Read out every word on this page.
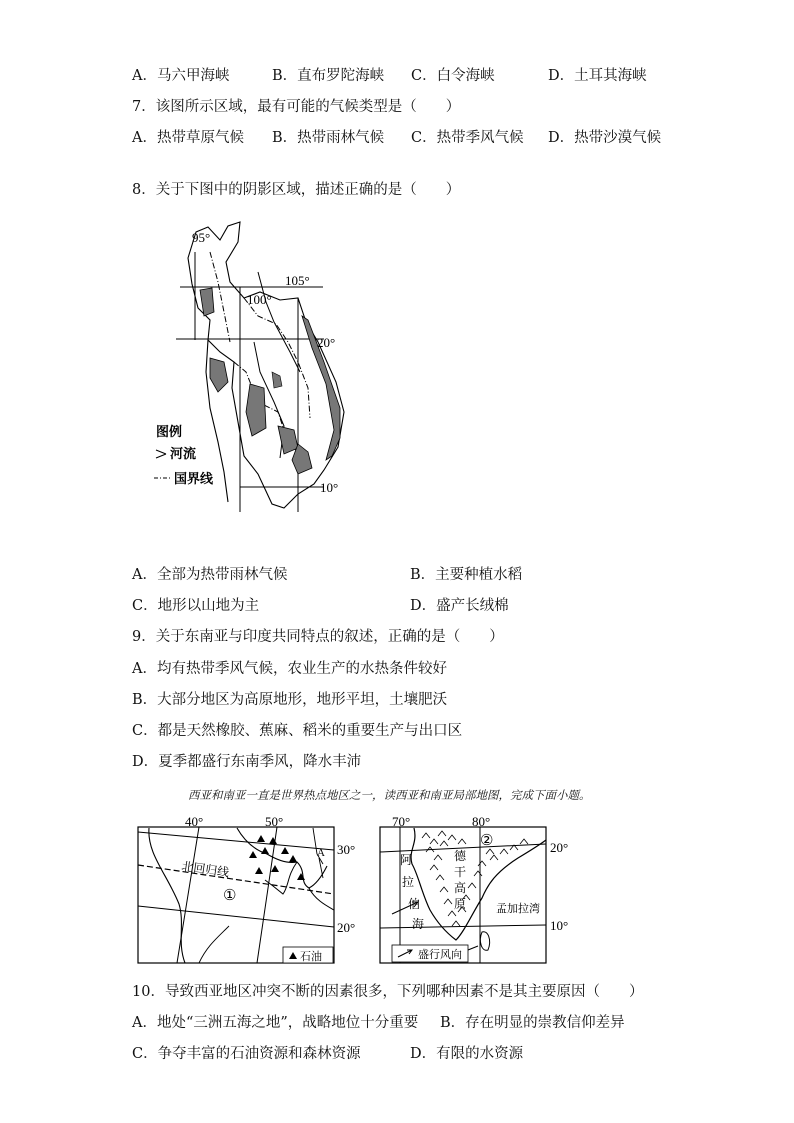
A．马六甲海峡	B．直布罗陀海峡 C．白令海峡	D．土耳其海峡
7．该图所示区域，最有可能的气候类型是（　　）
A．热带草原气候 B．热带雨林气候 C．热带季风气候 D．热带沙漠气候
8．关于下图中的阴影区域，描述正确的是（　　）
95°
100°
105°
20°
10°
图例
河流
国界线
A．全部为热带雨林气候	B．主要种植水稻
C．地形以山地为主	D．盛产长绒棉
9．关于东南亚与印度共同特点的叙述，正确的是（　　）
A．均有热带季风气候，农业生产的水热条件较好
B．大部分地区为高原地形，地形平坦，土壤肥沃
C．都是天然橡胶、蕉麻、稻米的重要生产与出口区
D．夏季都盛行东南季风，降水丰沛
西亚和南亚一直是世界热点地区之一，读西亚和南亚局部地图，完成下面小题。
40°	50°
30°
20°
北回归线
A
①
石油
70°	80°
20°
10°
②
阿
拉
伯
海
德
干
高
原	孟加拉湾
盛行风向
10．导致西亚地区冲突不断的因素很多，下列哪种因素不是其主要原因（　　）
A．地处“三洲五海之地”，战略地位十分重要 B．存在明显的崇教信仰差异
C．争夺丰富的石油资源和森林资源	D．有限的水资源
